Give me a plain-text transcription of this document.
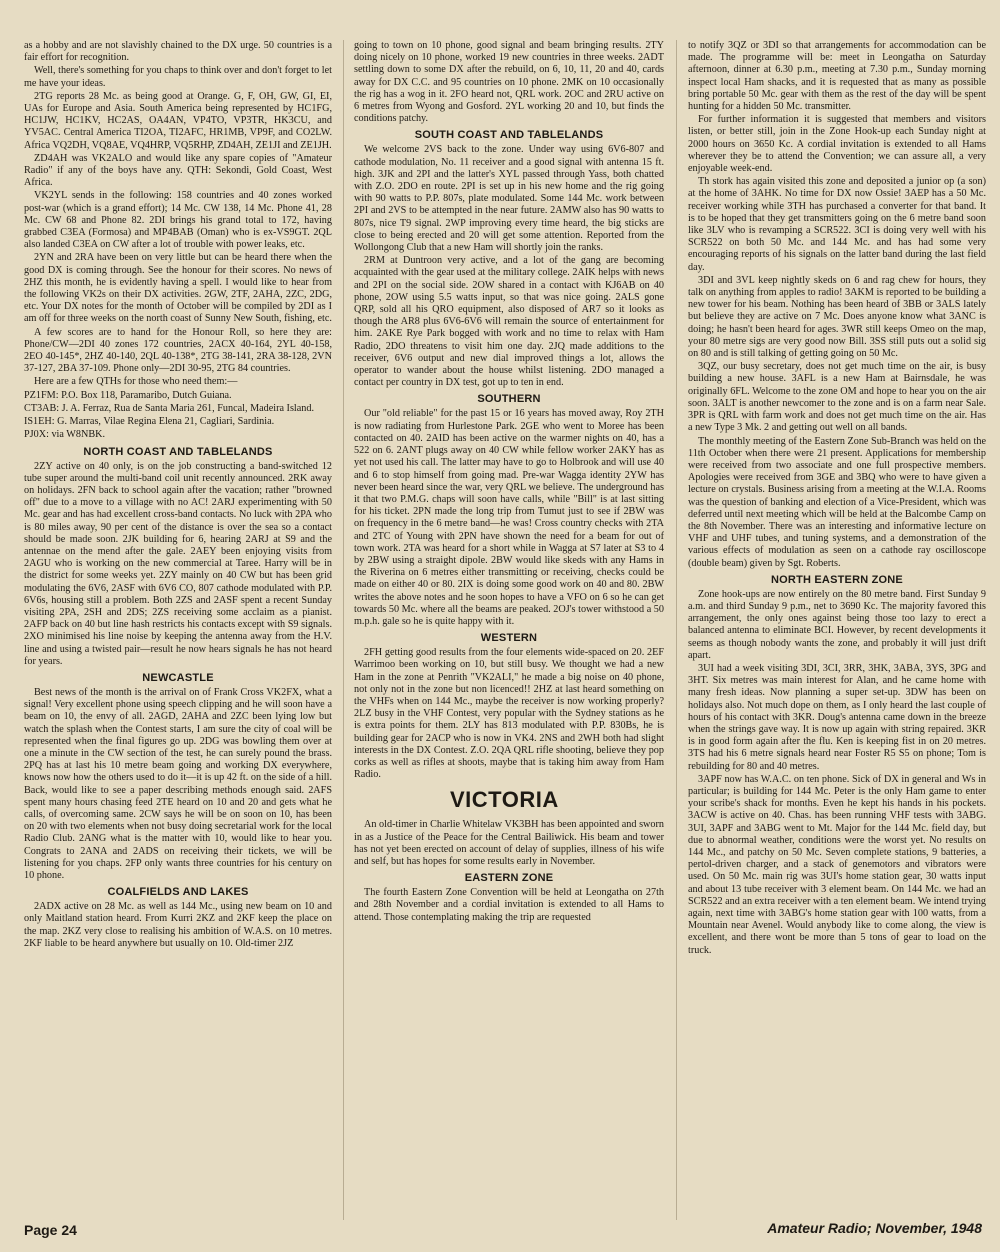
as a hobby and are not slavishly chained to the DX urge. 50 countries is a fair effort for recognition.

Well, there's something for you chaps to think over and don't forget to let me have your ideas.

2TG reports 28 Mc. as being good at Orange. G, F, OH, GW, GI, EI, UAs for Europe and Asia. South America being represented by HC1FG, HC1JW, HC1KV, HC2AS, OA4AN, VP4TO, VP3TR, HK3CU, and YV5AC. Central America TI2OA, TI2AFC, HR1MB, VP9F, and CO2LW. Africa VQ2DH, VQ8AE, VQ4HRP, VQ5RHP, ZD4AH, ZE1JI and ZE1JH.

ZD4AH was VK2ALO and would like any spare copies of "Amateur Radio" if any of the boys have any. QTH: Sekondi, Gold Coast, West Africa.

VK2YL sends in the following: 158 countries and 40 zones worked post-war (which is a grand effort); 14 Mc. CW 138, 14 Mc. Phone 41, 28 Mc. CW 68 and Phone 82. 2DI brings his grand total to 172, having grabbed C3EA (Formosa) and MP4BAB (Oman) who is ex-VS9GT. 2QL also landed C3EA on CW after a lot of trouble with power leaks, etc.

2YN and 2RA have been on very little but can be heard there when the good DX is coming through. See the honour for their scores. No news of 2HZ this month, he is evidently having a spell. I would like to hear from the following VK2s on their DX activities. 2GW, 2TF, 2AHA, 2ZC, 2DG, etc. Your DX notes for the month of October will be compiled by 2DI as I am off for three weeks on the north coast of Sunny New South, fishing, etc.

A few scores are to hand for the Honour Roll, so here they are: Phone/CW—2DI 40 zones 172 countries, 2ACX 40-164, 2YL 40-158, 2EO 40-145*, 2HZ 40-140, 2QL 40-138*, 2TG 38-141, 2RA 38-128, 2VN 37-127, 2BA 37-109. Phone only—2DI 30-95, 2TG 84 countries.

Here are a few QTHs for those who need them:—

PZ1FM: P.O. Box 118, Paramaribo, Dutch Guiana.

CT3AB: J. A. Ferraz, Rua de Santa Maria 261, Funcal, Madeira Island.

IS1EH: G. Marras, Vilae Regina Elena 21, Cagliari, Sardinia.

PJ0X: via W8NBK.

NORTH COAST AND TABLELANDS

2ZY active on 40 only, is on the job constructing a band-switched 12 tube super around the multi-band coil unit recently announced. 2RK away on holidays. 2FN back to school again after the vacation; rather "browned off" due to a move to a village with no AC! 2ARJ experimenting with 50 Mc. gear and has had excellent cross-band contacts. No luck with 2PA who is 80 miles away, 90 per cent of the distance is over the sea so a contact should be made soon. 2JK building for 6, hearing 2ARJ at S9 and the antennae on the mend after the gale. 2AEY been enjoying visits from 2AGU who is working on the new commercial at Taree. Harry will be in the district for some weeks yet. 2ZY mainly on 40 CW but has been grid modulating the 6V6, 2ASF with 6V6 CO, 807 cathode modulated with P.P. 6V6s, housing still a problem. Both 2ZS and 2ASF spent a recent Sunday visiting 2PA, 2SH and 2DS; 2ZS receiving some acclaim as a pianist. 2AFP back on 40 but line hash restricts his contacts except with S9 signals. 2XO minimised his line noise by keeping the antenna away from the H.V. line and using a twisted pair—result he now hears signals he has not heard for years.

NEWCASTLE

Best news of the month is the arrival on of Frank Cross VK2FX, what a signal! Very excellent phone using speech clipping and he will soon have a beam on 10, the envy of all. 2AGD, 2AHA and 2ZC been lying low but watch the splash when the Contest starts, I am sure the city of coal will be represented when the final figures go up. 2DG was bowling them over at one a minute in the CW section of the test, he can surely pound the brass. 2PQ has at last his 10 metre beam going and working DX everywhere, knows now how the others used to do it—it is up 42 ft. on the side of a hill. Back, would like to see a paper describing methods enough said. 2AFS spent many hours chasing feed 2TE heard on 10 and 20 and gets what he calls, of overcoming same. 2CW says he will be on soon on 10, has been on 20 with two elements when not busy doing secretarial work for the local Radio Club. 2ANG what is the matter with 10, would like to hear you. Congrats to 2ANA and 2ADS on receiving their tickets, we will be listening for you chaps. 2FP only wants three countries for his century on 10 phone.

COALFIELDS AND LAKES

2ADX active on 28 Mc. as well as 144 Mc., using new beam on 10 and only Maitland station heard. From Kurri 2KZ and 2KF keep the place on the map. 2KZ very close to realising his ambition of W.A.S. on 10 metres. 2KF liable to be heard anywhere but usually on 10. Old-timer 2JZ

going to town on 10 phone, good signal and beam bringing results. 2TY doing nicely on 10 phone, worked 19 new countries in three weeks. 2ADT settling down to some DX after the rebuild, on 6, 10, 11, 20 and 40, cards away for DX C.C. and 95 countries on 10 phone. 2MK on 10 occasionally the rig has a wog in it. 2FO heard not, QRL work. 2OC and 2RU active on 6 metres from Wyong and Gosford. 2YL working 20 and 10, but finds the conditions patchy.

SOUTH COAST AND TABLELANDS

We welcome 2VS back to the zone. Under way using 6V6-807 and cathode modulation, No. 11 receiver and a good signal with antenna 15 ft. high. 3JK and 2PI and the latter's XYL passed through Yass, both chatted with Z.O. 2DO en route. 2PI is set up in his new home and the rig going with 90 watts to P.P. 807s, plate modulated. Some 144 Mc. work between 2PI and 2VS to be attempted in the near future. 2AMW also has 90 watts to 807s, nice T9 signal. 2WP improving every time heard, the big sticks are close to being erected and 20 will get some attention. Reported from the Wollongong Club that a new Ham will shortly join the ranks.

2RM at Duntroon very active, and a lot of the gang are becoming acquainted with the gear used at the military college. 2AIK helps with news and 2PI on the social side. 2OW shared in a contact with KJ6AB on 40 phone, 2OW using 5.5 watts input, so that was nice going. 2ALS gone QRP, sold all his QRO equipment, also disposed of AR7 so it looks as though the AR8 plus 6V6-6V6 will remain the source of entertainment for him. 2AKE Rye Park bogged with work and no time to relax with Ham Radio, 2DO threatens to visit him one day. 2JQ made additions to the receiver, 6V6 output and new dial improved things a lot, allows the operator to wander about the house whilst listening. 2DO managed a contact per country in DX test, got up to ten in end.

SOUTHERN

Our "old reliable" for the past 15 or 16 years has moved away, Roy 2TH is now radiating from Hurlestone Park. 2GE who went to Moree has been contacted on 40. 2AID has been active on the warmer nights on 40, has a 522 on 6. 2ANT plugs away on 40 CW while fellow worker 2AKY has as yet not used his call. The latter may have to go to Holbrook and will use 40 and 6 to stop himself from going mad. Pre-war Wagga identity 2YW has never been heard since the war, very QRL we believe. The underground has it that two P.M.G. chaps will soon have calls, while "Bill" is at last sitting for his ticket. 2PN made the long trip from Tumut just to see if 2BW was on frequency in the 6 metre band—he was! Cross country checks with 2TA and 2TC of Young with 2PN have shown the need for a beam for out of town work. 2TA was heard for a short while in Wagga at S7 later at S3 to 4 by 2BW using a straight dipole. 2BW would like skeds with any Hams in the Riverina on 6 metres either transmitting or receiving, checks could be made on either 40 or 80. 2IX is doing some good work on 40 and 80. 2BW writes the above notes and he soon hopes to have a VFO on 6 so he can get towards 50 Mc. where all the beams are peaked. 2OJ's tower withstood a 50 m.p.h. gale so he is quite happy with it.

WESTERN

2FH getting good results from the four elements wide-spaced on 20. 2EF Warrimoo been working on 10, but still busy. We thought we had a new Ham in the zone at Penrith "VK2ALI," he made a big noise on 40 phone, not only not in the zone but non licenced!! 2HZ at last heard something on the VHFs when on 144 Mc., maybe the receiver is now working properly? 2LZ busy in the VHF Contest, very popular with the Sydney stations as he is extra points for them. 2LY has 813 modulated with P.P. 830Bs, he is building gear for 2ACP who is now in VK4. 2NS and 2WH both had slight interests in the DX Contest. Z.O. 2QA QRL rifle shooting, believe they pop corks as well as rifles at shoots, maybe that is taking him away from Ham Radio.

VICTORIA

An old-timer in Charlie Whitelaw VK3BH has been appointed and sworn in as a Justice of the Peace for the Central Bailiwick. His beam and tower has not yet been erected on account of delay of supplies, illness of his wife and self, but has hopes for some results early in November.

EASTERN ZONE

The fourth Eastern Zone Convention will be held at Leongatha on 27th and 28th November and a cordial invitation is extended to all Hams to attend. Those contemplating making the trip are requested

to notify 3QZ or 3DI so that arrangements for accommodation can be made. The programme will be: meet in Leongatha on Saturday afternoon, dinner at 6.30 p.m., meeting at 7.30 p.m., Sunday morning inspect local Ham shacks, and it is requested that as many as possible bring portable 50 Mc. gear with them as the rest of the day will be spent hunting for a hidden 50 Mc. transmitter.

For further information it is suggested that members and visitors listen, or better still, join in the Zone Hook-up each Sunday night at 2000 hours on 3650 Kc. A cordial invitation is extended to all Hams wherever they be to attend the Convention; we can assure all, a very enjoyable week-end.

Th stork has again visited this zone and deposited a junior op (a son) at the home of 3AHK. No time for DX now Ossie! 3AEP has a 50 Mc. receiver working while 3TH has purchased a converter for that band. It is to be hoped that they get transmitters going on the 6 metre band soon like 3LV who is revamping a SCR522. 3CI is doing very well with his SCR522 on both 50 Mc. and 144 Mc. and has had some very encouraging reports of his signals on the latter band during the last field day.

3DI and 3VL keep nightly skeds on 6 and rag chew for hours, they talk on anything from apples to radio! 3AKM is reported to be building a new tower for his beam. Nothing has been heard of 3BB or 3ALS lately but believe they are active on 7 Mc. Does anyone know what 3ANC is doing; he hasn't been heard for ages. 3WR still keeps Omeo on the map, your 80 metre sigs are very good now Bill. 3SS still puts out a solid sig on 80 and is still talking of getting going on 50 Mc.

3QZ, our busy secretary, does not get much time on the air, is busy building a new house. 3AFL is a new Ham at Bairnsdale, he was originally 6FL. Welcome to the zone OM and hope to hear you on the air soon. 3ALT is another newcomer to the zone and is on a farm near Sale. 3PR is QRL with farm work and does not get much time on the air. Has a new Type 3 Mk. 2 and getting out well on all bands.

The monthly meeting of the Eastern Zone Sub-Branch was held on the 11th October when there were 21 present. Applications for membership were received from two associate and one full prospective members. Apologies were received from 3GE and 3BQ who were to have given a lecture on crystals. Business arising from a meeting at the W.I.A. Rooms was the question of banking and election of a Vice-President, which was deferred until next meeting which will be held at the Balcombe Camp on the 8th November. There was an interesting and informative lecture on VHF and UHF tubes, and tuning systems, and a demonstration of the various effects of modulation as seen on a cathode ray oscilloscope (double beam) given by Sgt. Roberts.

NORTH EASTERN ZONE

Zone hook-ups are now entirely on the 80 metre band. First Sunday 9 a.m. and third Sunday 9 p.m., net to 3690 Kc. The majority favored this arrangement, the only ones against being those too lazy to erect a balanced antenna to eliminate BCI. However, by recent developments it seems as though nobody wants the zone, and probably it will just drift apart.

3UI had a week visiting 3DI, 3CI, 3RR, 3HK, 3ABA, 3YS, 3PG and 3HT. Six metres was main interest for Alan, and he came home with many fresh ideas. Now planning a super set-up. 3DW has been on holidays also. Not much dope on them, as I only heard the last couple of hours of his contact with 3KR. Doug's antenna came down in the breeze when the strings gave way. It is now up again with string repaired. 3KR is in good form again after the flu. Ken is keeping fist in on 20 metres. 3TS had his 6 metre signals heard near Foster R5 S5 on phone; Tom is rebuilding for 80 and 40 metres.

3APF now has W.A.C. on ten phone. Sick of DX in general and Ws in particular; is building for 144 Mc. Peter is the only Ham game to enter your scribe's shack for months. Even he kept his hands in his pockets. 3ACW is active on 40. Chas. has been running VHF tests with 3ABG. 3UI, 3APF and 3ABG went to Mt. Major for the 144 Mc. field day, but due to abnormal weather, conditions were the worst yet. No results on 144 Mc., and patchy on 50 Mc. Seven complete stations, 9 batteries, a pertol-driven charger, and a stack of genemotors and vibrators were used. On 50 Mc. main rig was 3UI's home station gear, 30 watts input and about 13 tube receiver with 3 element beam. On 144 Mc. we had an SCR522 and an extra receiver with a ten element beam. We intend trying again, next time with 3ABG's home station gear with 100 watts, from a Mountain near Avenel. Would anybody like to come along, the view is excellent, and there wont be more than 5 tons of gear to load on the truck.

Page 24	Amateur Radio; November, 1948
